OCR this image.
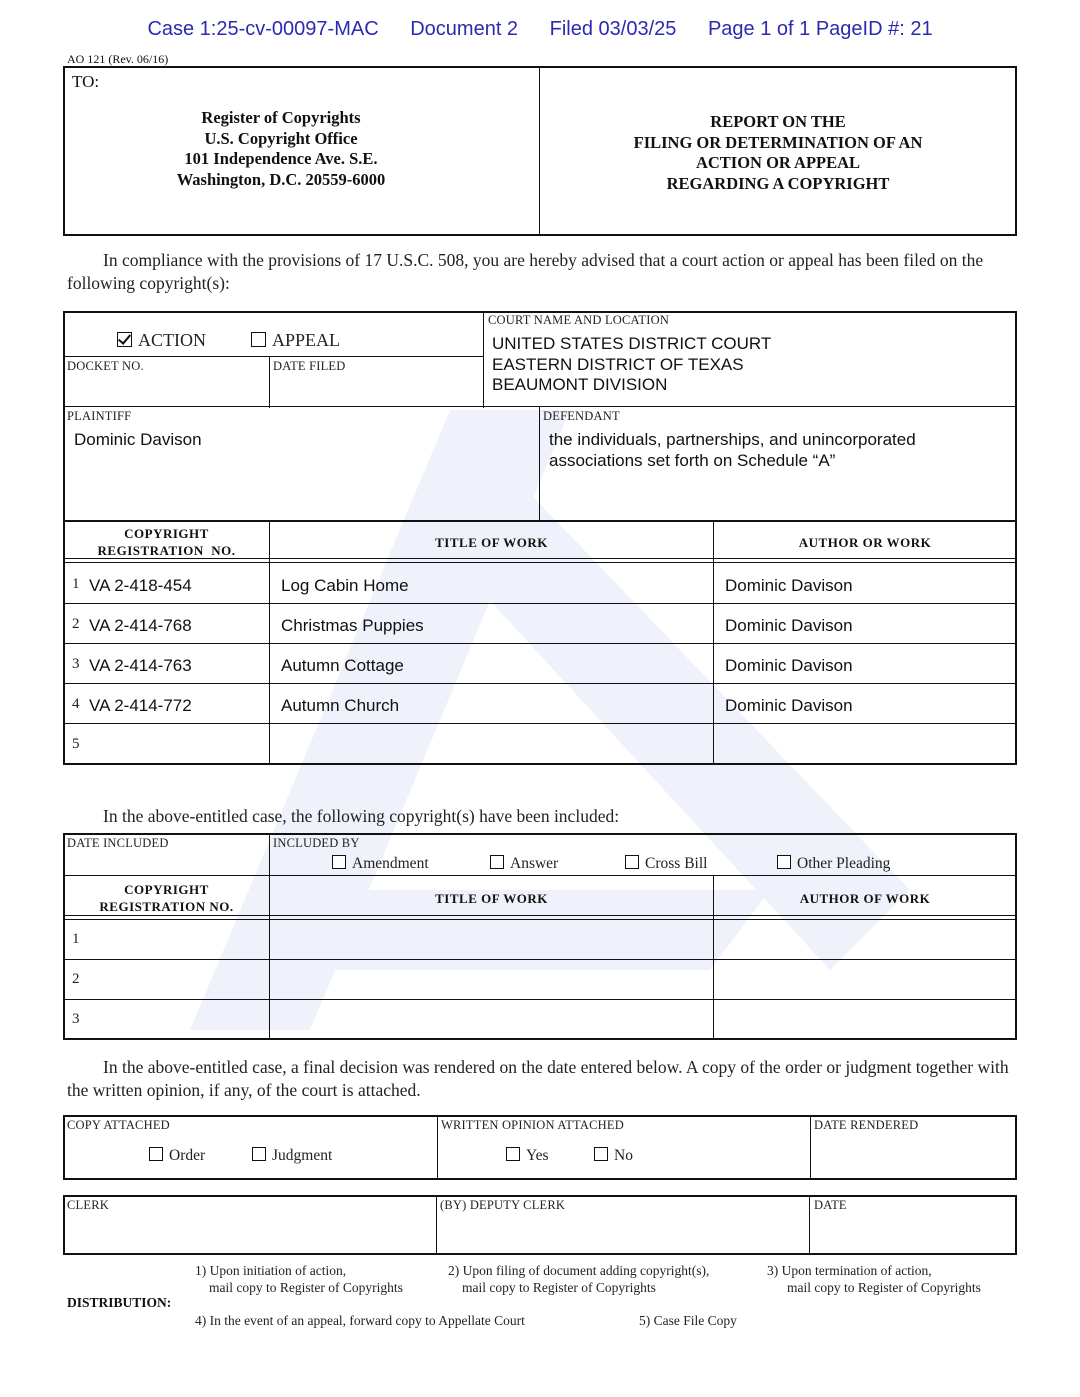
Case 1:25-cv-00097-MAC Document 2 Filed 03/03/25 Page 1 of 1 PageID #: 21
AO 121 (Rev. 06/16)
TO:
Register of Copyrights
U.S. Copyright Office
101 Independence Ave. S.E.
Washington, D.C. 20559-6000
REPORT ON THE
FILING OR DETERMINATION OF AN
ACTION OR APPEAL
REGARDING A COPYRIGHT
In compliance with the provisions of 17 U.S.C. 508, you are hereby advised that a court action or appeal has been filed on the following copyright(s):
ACTION	APPEAL
DOCKET NO.	DATE FILED
COURT NAME AND LOCATION
UNITED STATES DISTRICT COURT
EASTERN DISTRICT OF TEXAS
BEAUMONT DIVISION
PLAINTIFF
Dominic Davison
DEFENDANT
the individuals, partnerships, and unincorporated
associations set forth on Schedule “A”
COPYRIGHT
REGISTRATION  NO.	TITLE OF WORK	AUTHOR OR WORK
1 VA 2-418-454	Log Cabin Home	Dominic Davison
2 VA 2-414-768	Christmas Puppies	Dominic Davison
3 VA 2-414-763	Autumn Cottage	Dominic Davison
4 VA 2-414-772	Autumn Church	Dominic Davison
5
In the above-entitled case, the following copyright(s) have been included:
DATE INCLUDED	INCLUDED BY
Amendment	Answer	Cross Bill	Other Pleading
COPYRIGHT
REGISTRATION NO.	TITLE OF WORK	AUTHOR OF WORK
1
2
3
In the above-entitled case, a final decision was rendered on the date entered below. A copy of the order or judgment together with the written opinion, if any, of the court is attached.
COPY ATTACHED
Order	Judgment
WRITTEN OPINION ATTACHED
Yes	No
DATE RENDERED
CLERK	(BY) DEPUTY CLERK	DATE
DISTRIBUTION:
1) Upon initiation of action,
mail copy to Register of Copyrights
2) Upon filing of document adding copyright(s),
mail copy to Register of Copyrights
3) Upon termination of action,
mail copy to Register of Copyrights
4) In the event of an appeal, forward copy to Appellate Court	5) Case File Copy
